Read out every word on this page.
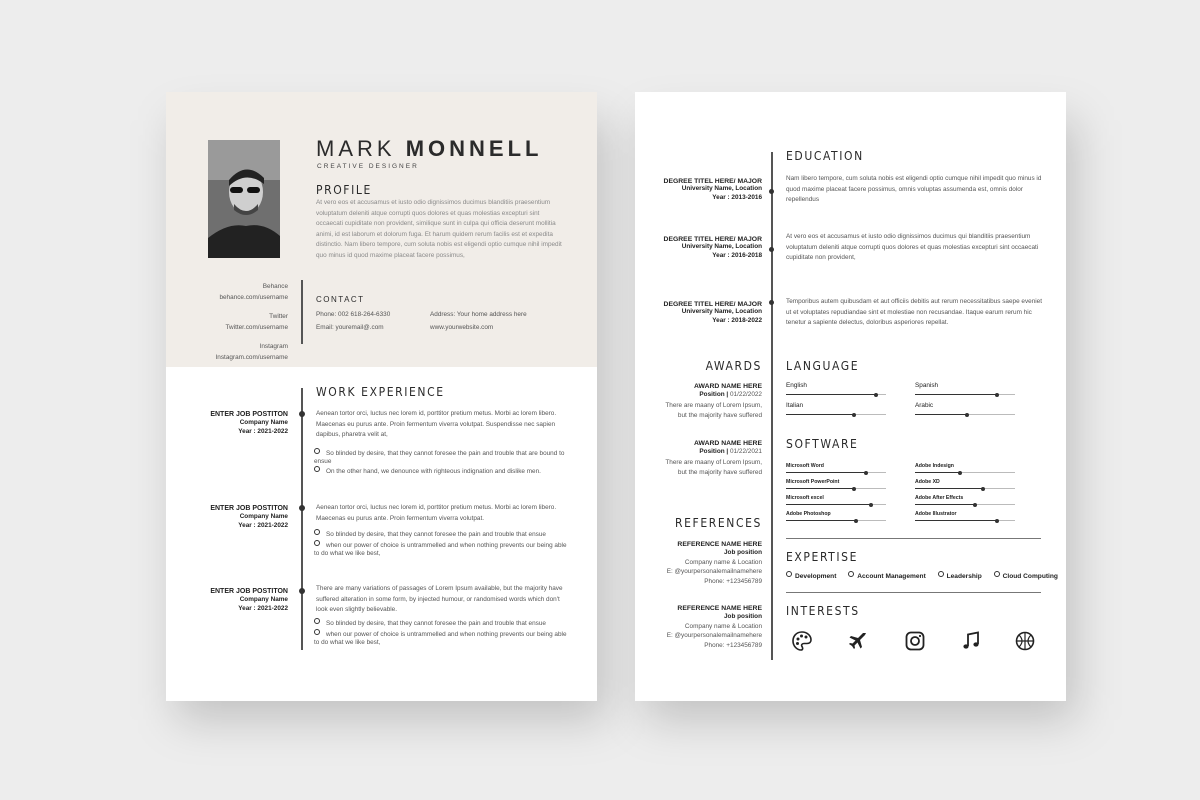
MARK MONNELL
CREATIVE DESIGNER
PROFILE
At vero eos et accusamus et iusto odio dignissimos ducimus blanditiis praesentium voluptatum deleniti atque corrupti quos dolores et quas molestias excepturi sint occaecati cupiditate non provident, similique sunt in culpa qui officia deserunt mollitia animi, id est laborum et dolorum fuga. Et harum quidem rerum facilis est et expedita distinctio. Nam libero tempore, cum soluta nobis est eligendi optio cumque nihil impedit quo minus id quod maxime placeat facere possimus,
Behance
behance.com/username
Twitter
Twitter.com/username
Instagram
Instagram.com/username
CONTACT
Phone: 002 618-264-6330
Email: youremail@.com
Address: Your home address here
www.yourwebsite.com
WORK EXPERIENCE
ENTER JOB POSTITON
Company Name
Year : 2021-2022
Aenean tortor orci, luctus nec lorem id, porttitor pretium metus. Morbi ac lorem libero. Maecenas eu purus ante. Proin fermentum viverra volutpat. Suspendisse nec sapien dapibus, pharetra velit at,
So blinded by desire, that they cannot foresee the pain and trouble that are bound to ensue
On the other hand, we denounce with righteous indignation and dislike men.
ENTER JOB POSTITON
Company Name
Year : 2021-2022
Aenean tortor orci, luctus nec lorem id, porttitor pretium metus. Morbi ac lorem libero. Maecenas eu purus ante. Proin fermentum viverra volutpat.
So blinded by desire, that they cannot foresee the pain and trouble that ensue
when our power of choice is untrammelled and when nothing prevents our being able to do what we like best,
ENTER JOB POSTITON
Company Name
Year : 2021-2022
There are many variations of passages of Lorem Ipsum available, but the majority have suffered alteration in some form, by injected humour, or randomised words which don't look even slightly believable.
So blinded by desire, that they cannot foresee the pain and trouble that ensue
when our power of choice is untrammelled and when nothing prevents our being able to do what we like best,
EDUCATION
DEGREE TITEL HERE/ MAJOR
University Name, Location
Year : 2013-2016
Nam libero tempore, cum soluta nobis est eligendi optio cumque nihil impedit quo minus id quod maxime placeat facere possimus, omnis voluptas assumenda est, omnis dolor repellendus
DEGREE TITEL HERE/ MAJOR
University Name, Location
Year : 2016-2018
At vero eos et accusamus et iusto odio dignissimos ducimus qui blanditiis praesentium voluptatum deleniti atque corrupti quos dolores et quas molestias excepturi sint occaecati cupiditate non provident,
DEGREE TITEL HERE/ MAJOR
University Name, Location
Year : 2018-2022
Temporibus autem quibusdam et aut officiis debitis aut rerum necessitatibus saepe eveniet ut et voluptates repudiandae sint et molestiae non recusandae. Itaque earum rerum hic tenetur a sapiente delectus, doloribus asperiores repellat.
AWARDS
AWARD NAME HERE
Position | 01/22/2022
There are maany of Lorem Ipsum,
but the majority have suffered
AWARD NAME HERE
Position | 01/22/2021
There are maany of Lorem Ipsum,
but the majority have suffered
REFERENCES
REFERENCE NAME HERE
Job position
Company name & Location
E: @yourpersonalemailnamehere
Phone: +123456789
REFERENCE NAME HERE
Job position
Company name & Location
E: @yourpersonalemailnamehere
Phone: +123456789
LANGUAGE
SOFTWARE
EXPERTISE
Development	Account Management	Leadership	Cloud Computing
INTERESTS
English	Spanish
Italian	Arabic
Microsoft Word	Adobe Indesign
Microsoft PowerPoint	Adobe XD
Microsoft excel	Adobe After Effects
Adobe Photoshop	Adobe Illustrator
